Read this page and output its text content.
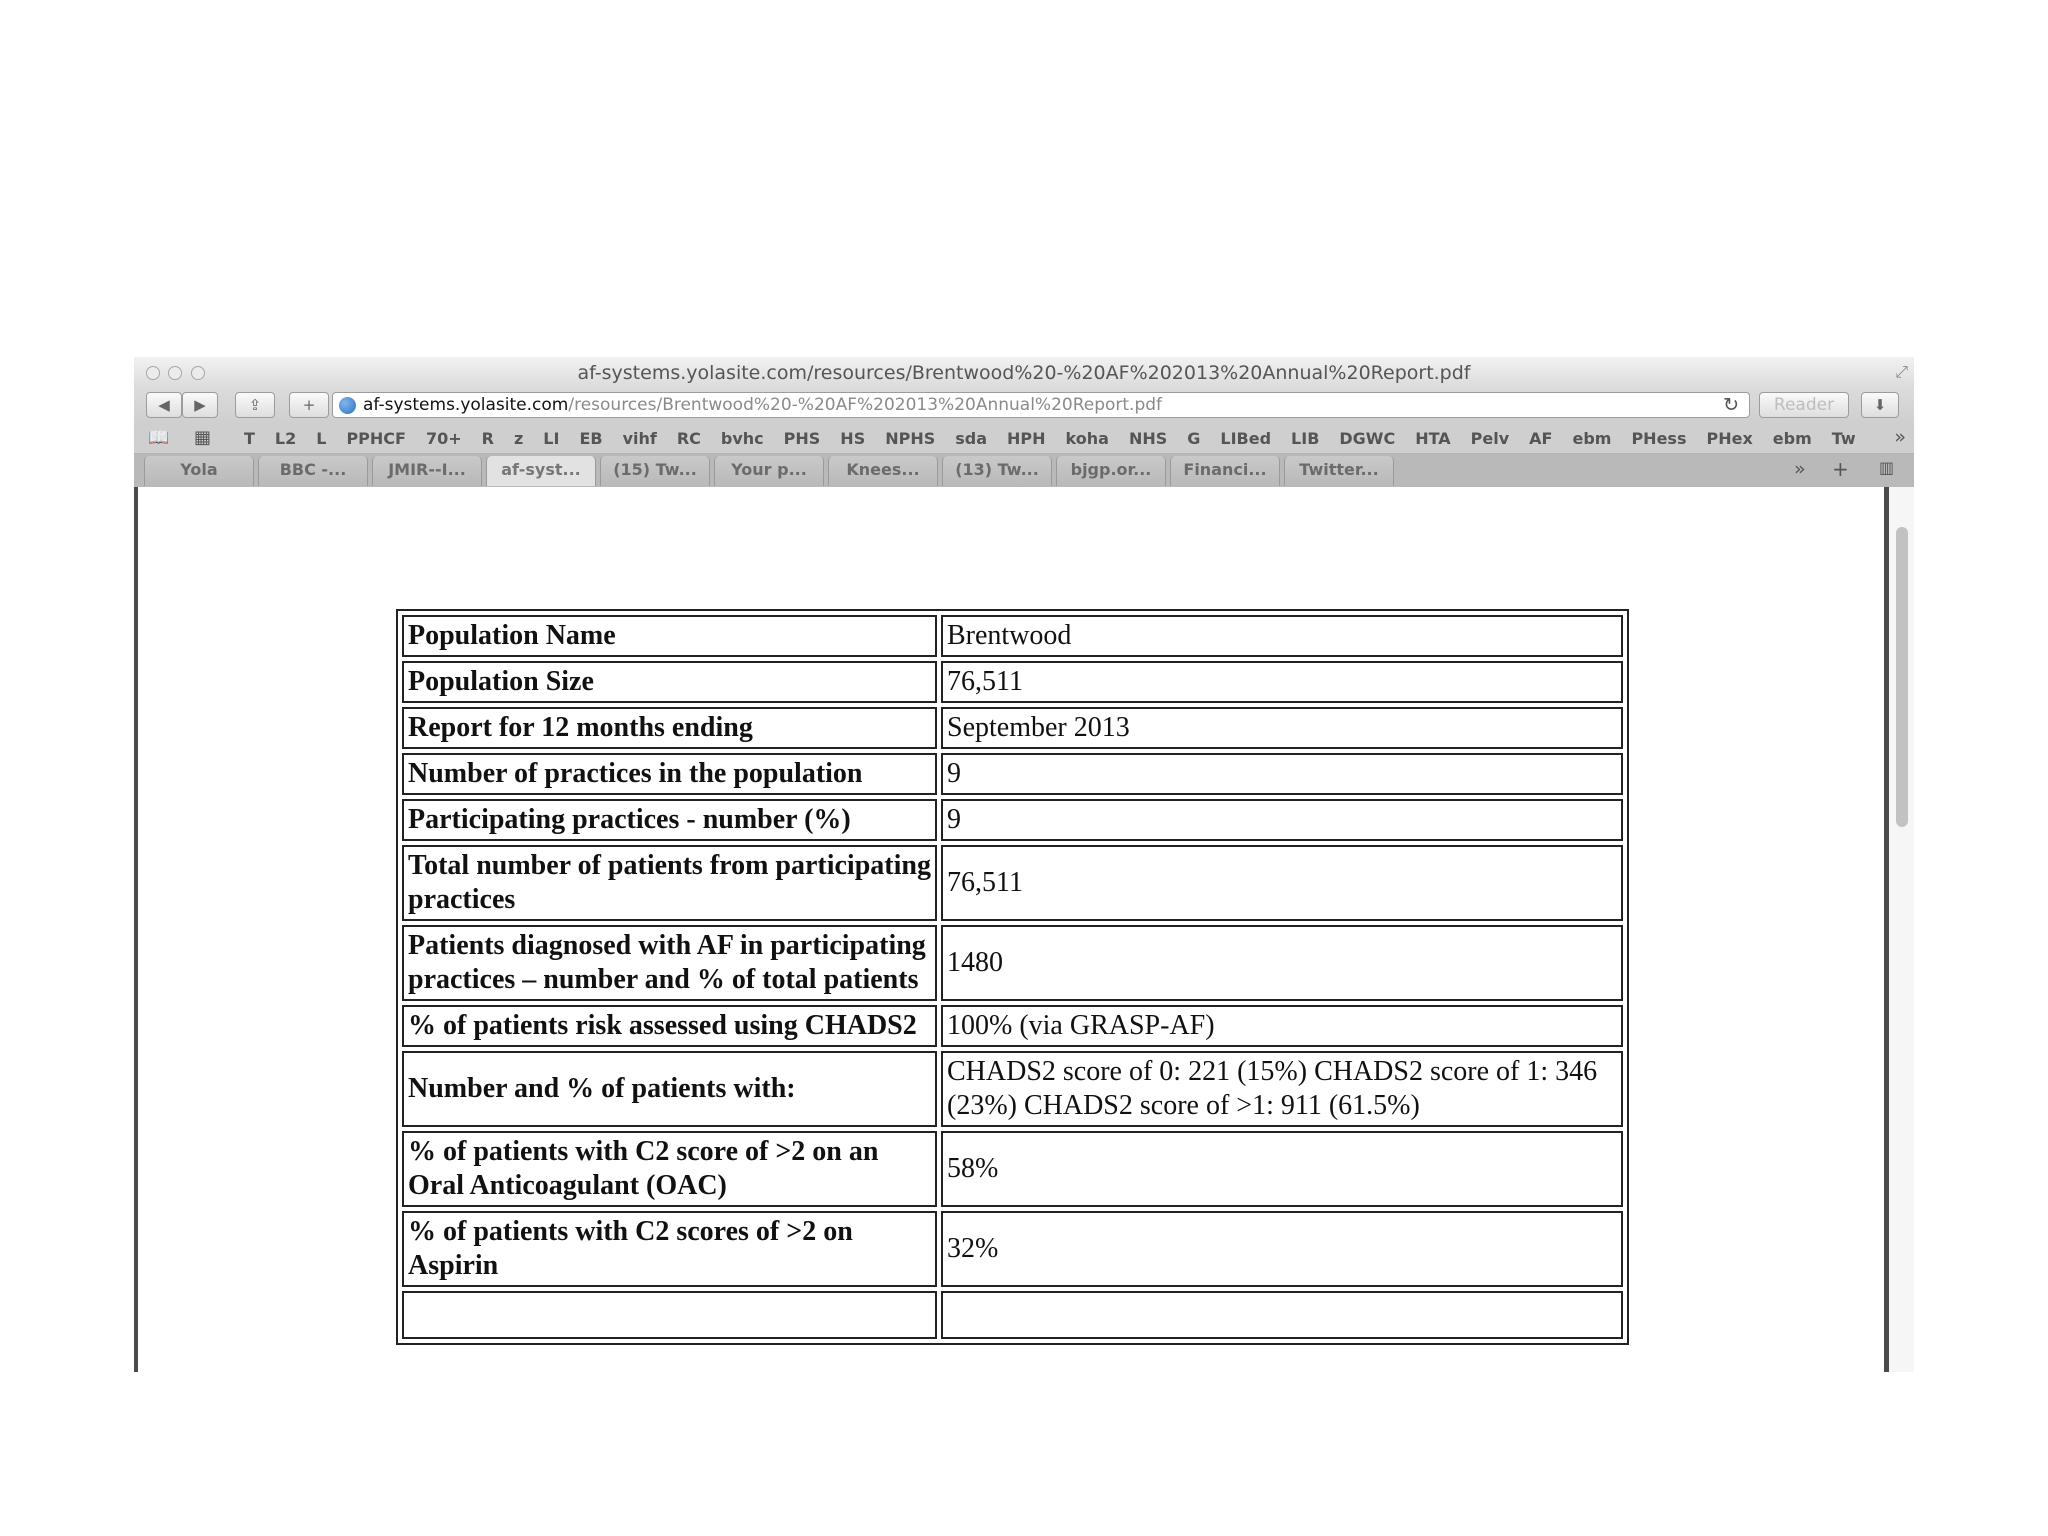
af-systems.yolasite.com/resources/Brentwood%20-%20AF%202013%20Annual%20Report.pdf	⤢
◀	▶	⇪	+	af-systems.yolasite.com/resources/Brentwood%20-%20AF%202013%20Annual%20Report.pdf	↻	Reader	⬇
📖 ▦	T	L2	L	PPHCF	70+	R	z	LI	EB	vihf	RC	bvhc	PHS	HS	NPHS	sda	HPH	koha	NHS	G	LIBed	LIB	DGWC	HTA	Pelv	AF	ebm	PHess	PHex	ebm	Tw	»
Yola	BBC -...	JMIR--I...	af-syst...	(15) Tw...	Your p...	Knees...	(13) Tw...	bjgp.or...	Financi...	Twitter...	» + ▥
Population Name	Brentwood
Population Size	76,511
Report for 12 months ending	September 2013
Number of practices in the population	9
Participating practices - number (%)	9
Total number of patients from participating practices	76,511
Patients diagnosed with AF in participating practices – number and % of total patients	1480
% of patients risk assessed using CHADS2	100% (via GRASP-AF)
Number and % of patients with:	CHADS2 score of 0: 221 (15%) CHADS2 score of 1: 346 (23%) CHADS2 score of >1: 911 (61.5%)
% of patients with C2 score of >2 on an Oral Anticoagulant (OAC)	58%
% of patients with C2 scores of >2 on Aspirin	32%
